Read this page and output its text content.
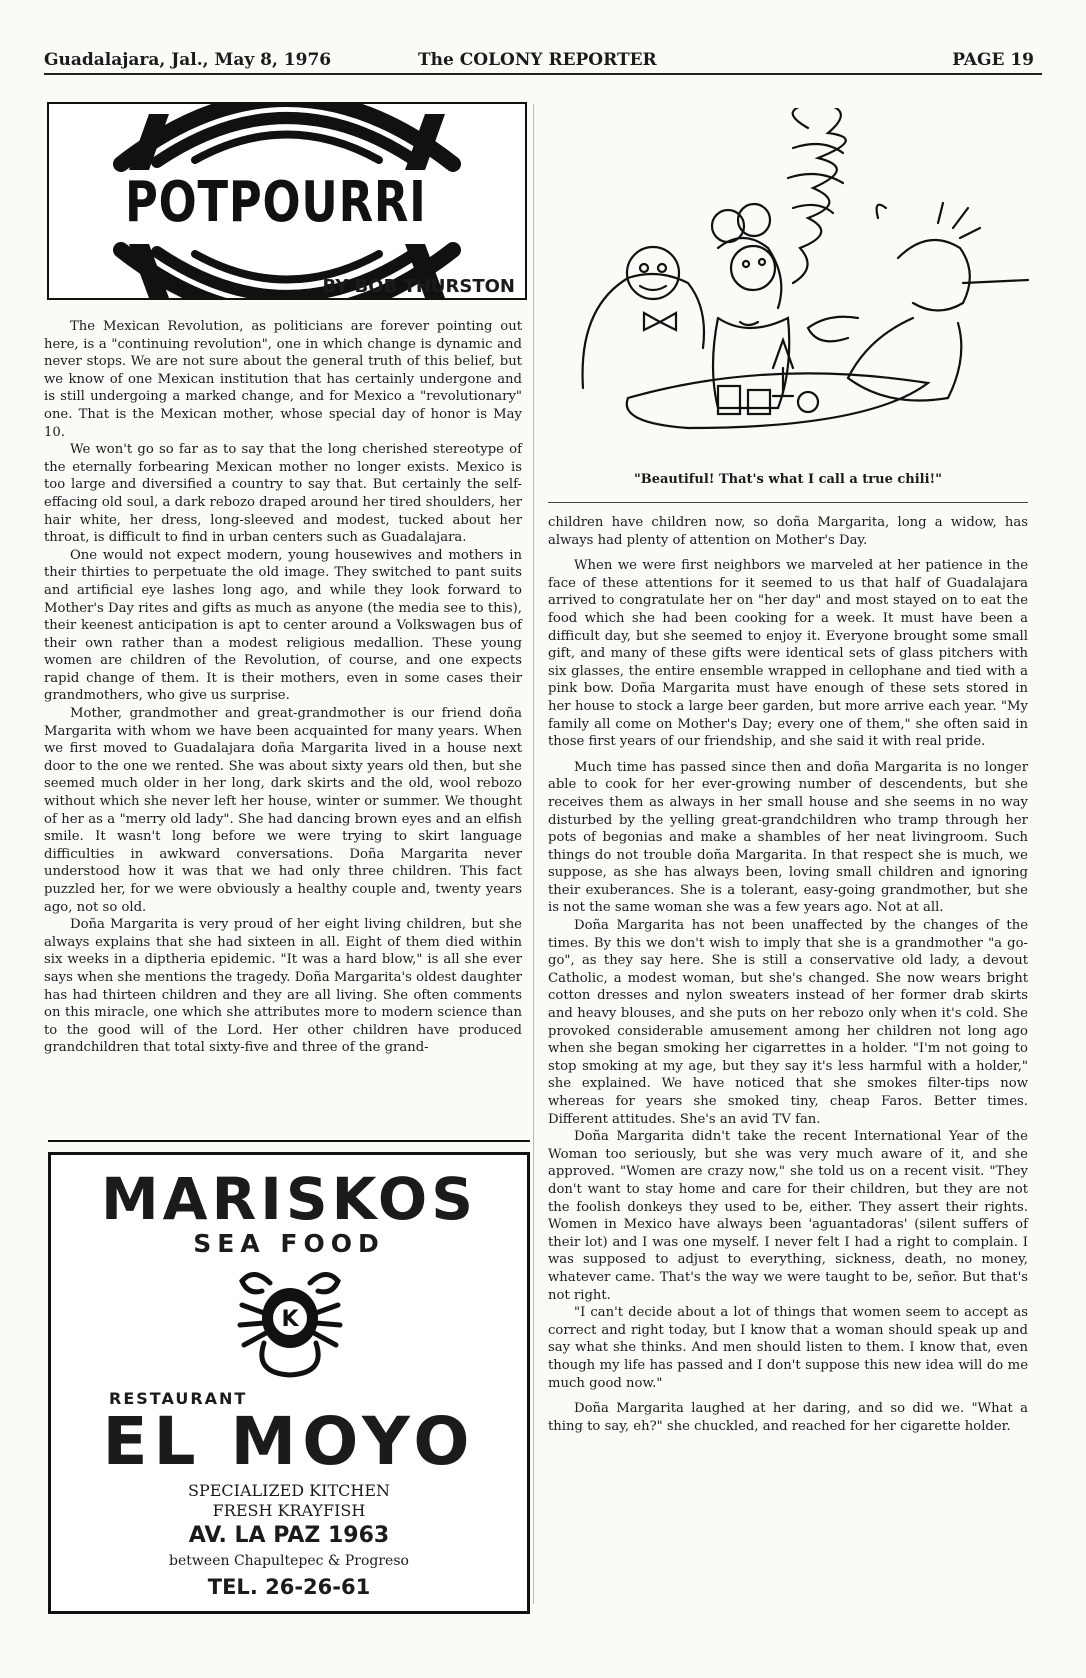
Guadalajara, Jal., May 8, 1976	The COLONY REPORTER	PAGE 19
POTPOURRI
BY BOB THURSTON

The Mexican Revolution, as politicians are forever pointing out here, is a "continuing revolution", one in which change is dynamic and never stops. We are not sure about the general truth of this belief, but we know of one Mexican institution that has certainly undergone and is still undergoing a marked change, and for Mexico a "revolutionary" one. That is the Mexican mother, whose special day of honor is May 10.

We won't go so far as to say that the long cherished stereotype of the eternally forbearing Mexican mother no longer exists. Mexico is too large and diversified a country to say that. But certainly the self-effacing old soul, a dark rebozo draped around her tired shoulders, her hair white, her dress, long-sleeved and modest, tucked about her throat, is difficult to find in urban centers such as Guadalajara.

One would not expect modern, young housewives and mothers in their thirties to perpetuate the old image. They switched to pant suits and artificial eye lashes long ago, and while they look forward to Mother's Day rites and gifts as much as anyone (the media see to this), their keenest anticipation is apt to center around a Volkswagen bus of their own rather than a modest religious medallion. These young women are children of the Revolution, of course, and one expects rapid change of them. It is their mothers, even in some cases their grandmothers, who give us surprise.

Mother, grandmother and great-grandmother is our friend doña Margarita with whom we have been acquainted for many years. When we first moved to Guadalajara doña Margarita lived in a house next door to the one we rented. She was about sixty years old then, but she seemed much older in her long, dark skirts and the old, wool rebozo without which she never left her house, winter or summer. We thought of her as a "merry old lady". She had dancing brown eyes and an elfish smile. It wasn't long before we were trying to skirt language difficulties in awkward conversations. Doña Margarita never understood how it was that we had only three children. This fact puzzled her, for we were obviously a healthy couple and, twenty years ago, not so old.

Doña Margarita is very proud of her eight living children, but she always explains that she had sixteen in all. Eight of them died within six weeks in a diptheria epidemic. "It was a hard blow," is all she ever says when she mentions the tragedy. Doña Margarita's oldest daughter has had thirteen children and they are all living. She often comments on this miracle, one which she attributes more to modern science than to the good will of the Lord. Her other children have produced grandchildren that total sixty-five and three of the grand-

"Beautiful! That's what I call a true chili!"

children have children now, so doña Margarita, long a widow, has always had plenty of attention on Mother's Day.

When we were first neighbors we marveled at her patience in the face of these attentions for it seemed to us that half of Guadalajara arrived to congratulate her on "her day" and most stayed on to eat the food which she had been cooking for a week. It must have been a difficult day, but she seemed to enjoy it. Everyone brought some small gift, and many of these gifts were identical sets of glass pitchers with six glasses, the entire ensemble wrapped in cellophane and tied with a pink bow. Doña Margarita must have enough of these sets stored in her house to stock a large beer garden, but more arrive each year. "My family all come on Mother's Day; every one of them," she often said in those first years of our friendship, and she said it with real pride.

Much time has passed since then and doña Margarita is no longer able to cook for her ever-growing number of descendents, but she receives them as always in her small house and she seems in no way disturbed by the yelling great-grandchildren who tramp through her pots of begonias and make a shambles of her neat livingroom. Such things do not trouble doña Margarita. In that respect she is much, we suppose, as she has always been, loving small children and ignoring their exuberances. She is a tolerant, easy-going grandmother, but she is not the same woman she was a few years ago. Not at all.

Doña Margarita has not been unaffected by the changes of the times. By this we don't wish to imply that she is a grandmother "a go-go", as they say here. She is still a conservative old lady, a devout Catholic, a modest woman, but she's changed. She now wears bright cotton dresses and nylon sweaters instead of her former drab skirts and heavy blouses, and she puts on her rebozo only when it's cold. She provoked considerable amusement among her children not long ago when she began smoking her cigarrettes in a holder. "I'm not going to stop smoking at my age, but they say it's less harmful with a holder," she explained. We have noticed that she smokes filter-tips now whereas for years she smoked tiny, cheap Faros. Better times. Different attitudes. She's an avid TV fan.

Doña Margarita didn't take the recent International Year of the Woman too seriously, but she was very much aware of it, and she approved. "Women are crazy now," she told us on a recent visit. "They don't want to stay home and care for their children, but they are not the foolish donkeys they used to be, either. They assert their rights. Women in Mexico have always been 'aguantadoras' (silent suffers of their lot) and I was one myself. I never felt I had a right to complain. I was supposed to adjust to everything, sickness, death, no money, whatever came. That's the way we were taught to be, señor. But that's not right.

"I can't decide about a lot of things that women seem to accept as correct and right today, but I know that a woman should speak up and say what she thinks. And men should listen to them. I know that, even though my life has passed and I don't suppose this new idea will do me much good now."

Doña Margarita laughed at her daring, and so did we. "What a thing to say, eh?" she chuckled, and reached for her cigarette holder.

MARISKOS
SEA FOOD
K
RESTAURANT
EL MOYO
SPECIALIZED KITCHEN
FRESH KRAYFISH
AV. LA PAZ 1963
between Chapultepec & Progreso
TEL. 26-26-61
